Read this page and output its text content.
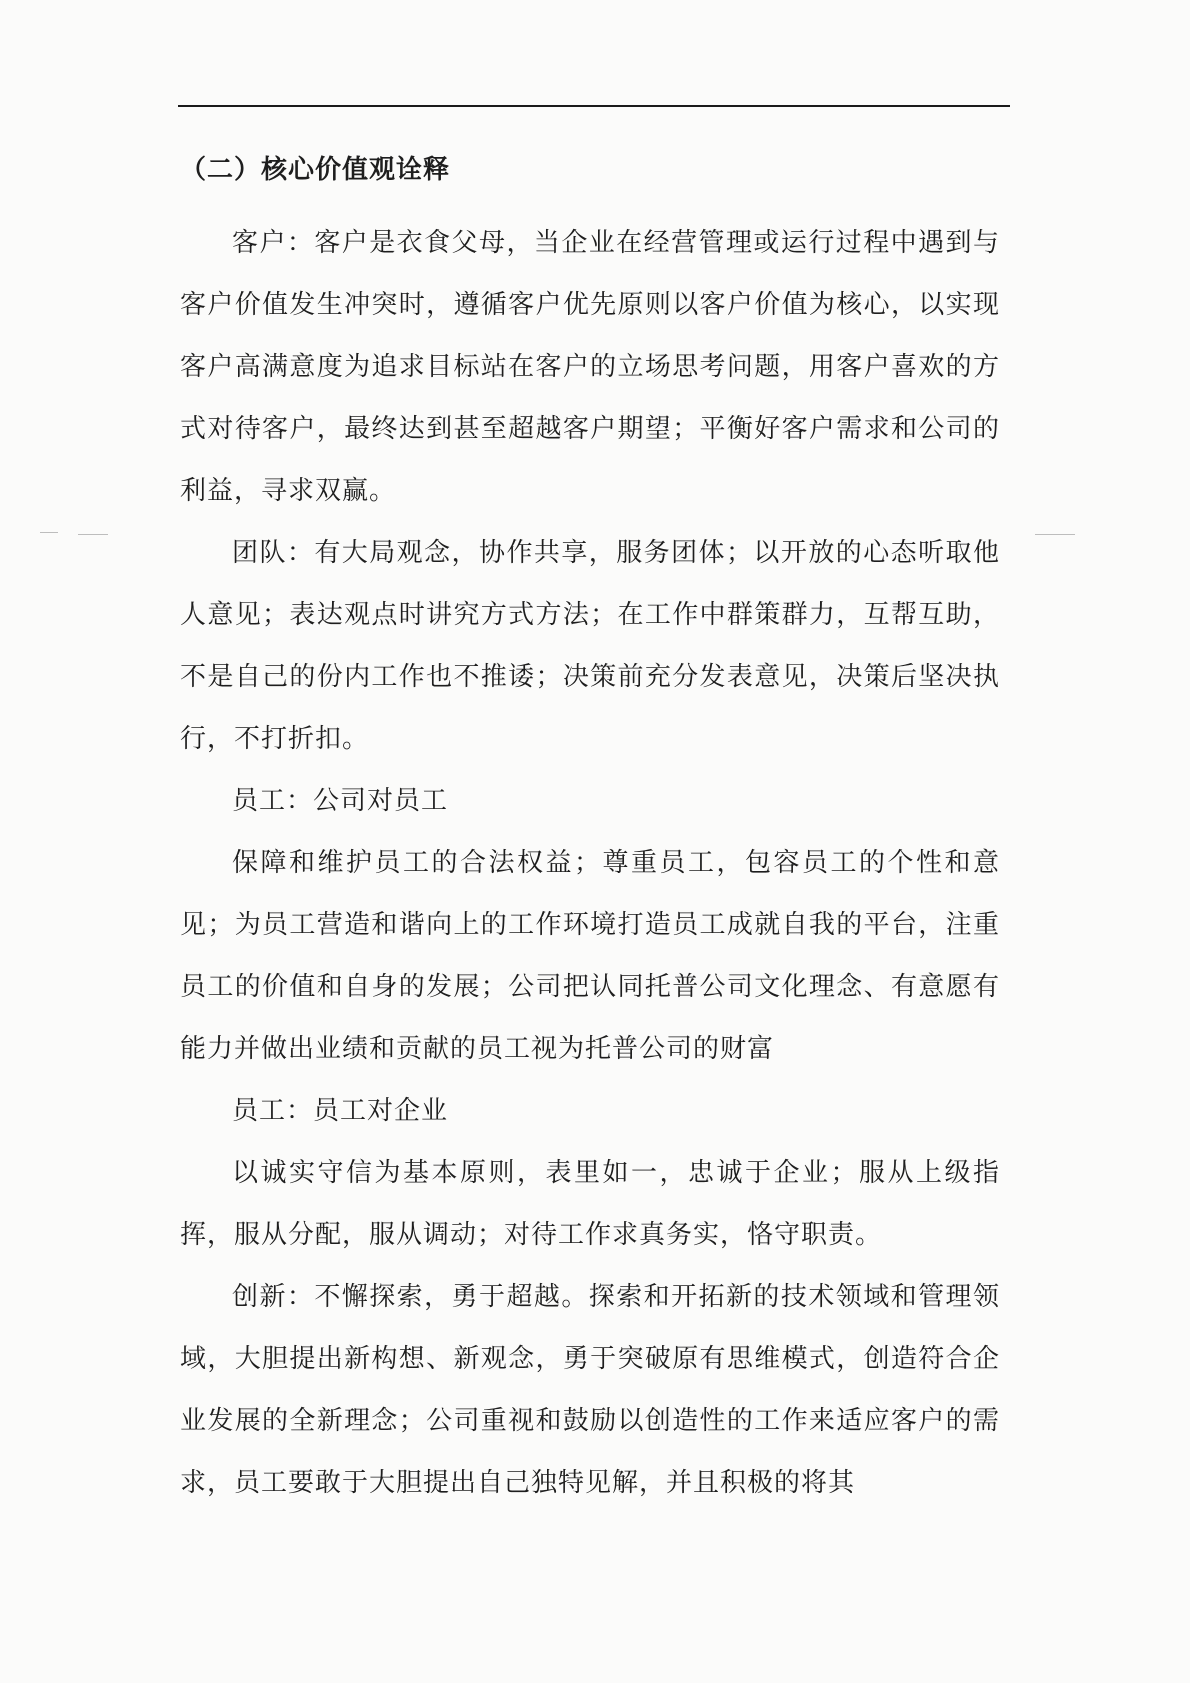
（二）核心价值观诠释

客户：客户是衣食父母，当企业在经营管理或运行过程中遇到与客户价值发生冲突时，遵循客户优先原则以客户价值为核心，以实现客户高满意度为追求目标站在客户的立场思考问题，用客户喜欢的方式对待客户，最终达到甚至超越客户期望；平衡好客户需求和公司的利益，寻求双赢。

团队：有大局观念，协作共享，服务团体；以开放的心态听取他人意见；表达观点时讲究方式方法；在工作中群策群力，互帮互助，不是自己的份内工作也不推诿；决策前充分发表意见，决策后坚决执行，不打折扣。

员工：公司对员工

保障和维护员工的合法权益；尊重员工，包容员工的个性和意见；为员工营造和谐向上的工作环境打造员工成就自我的平台，注重员工的价值和自身的发展；公司把认同托普公司文化理念、有意愿有能力并做出业绩和贡献的员工视为托普公司的财富

员工：员工对企业

以诚实守信为基本原则，表里如一，忠诚于企业；服从上级指挥，服从分配，服从调动；对待工作求真务实，恪守职责。

创新：不懈探索，勇于超越。探索和开拓新的技术领域和管理领域，大胆提出新构想、新观念，勇于突破原有思维模式，创造符合企业发展的全新理念；公司重视和鼓励以创造性的工作来适应客户的需求，员工要敢于大胆提出自己独特见解，并且积极的将其
